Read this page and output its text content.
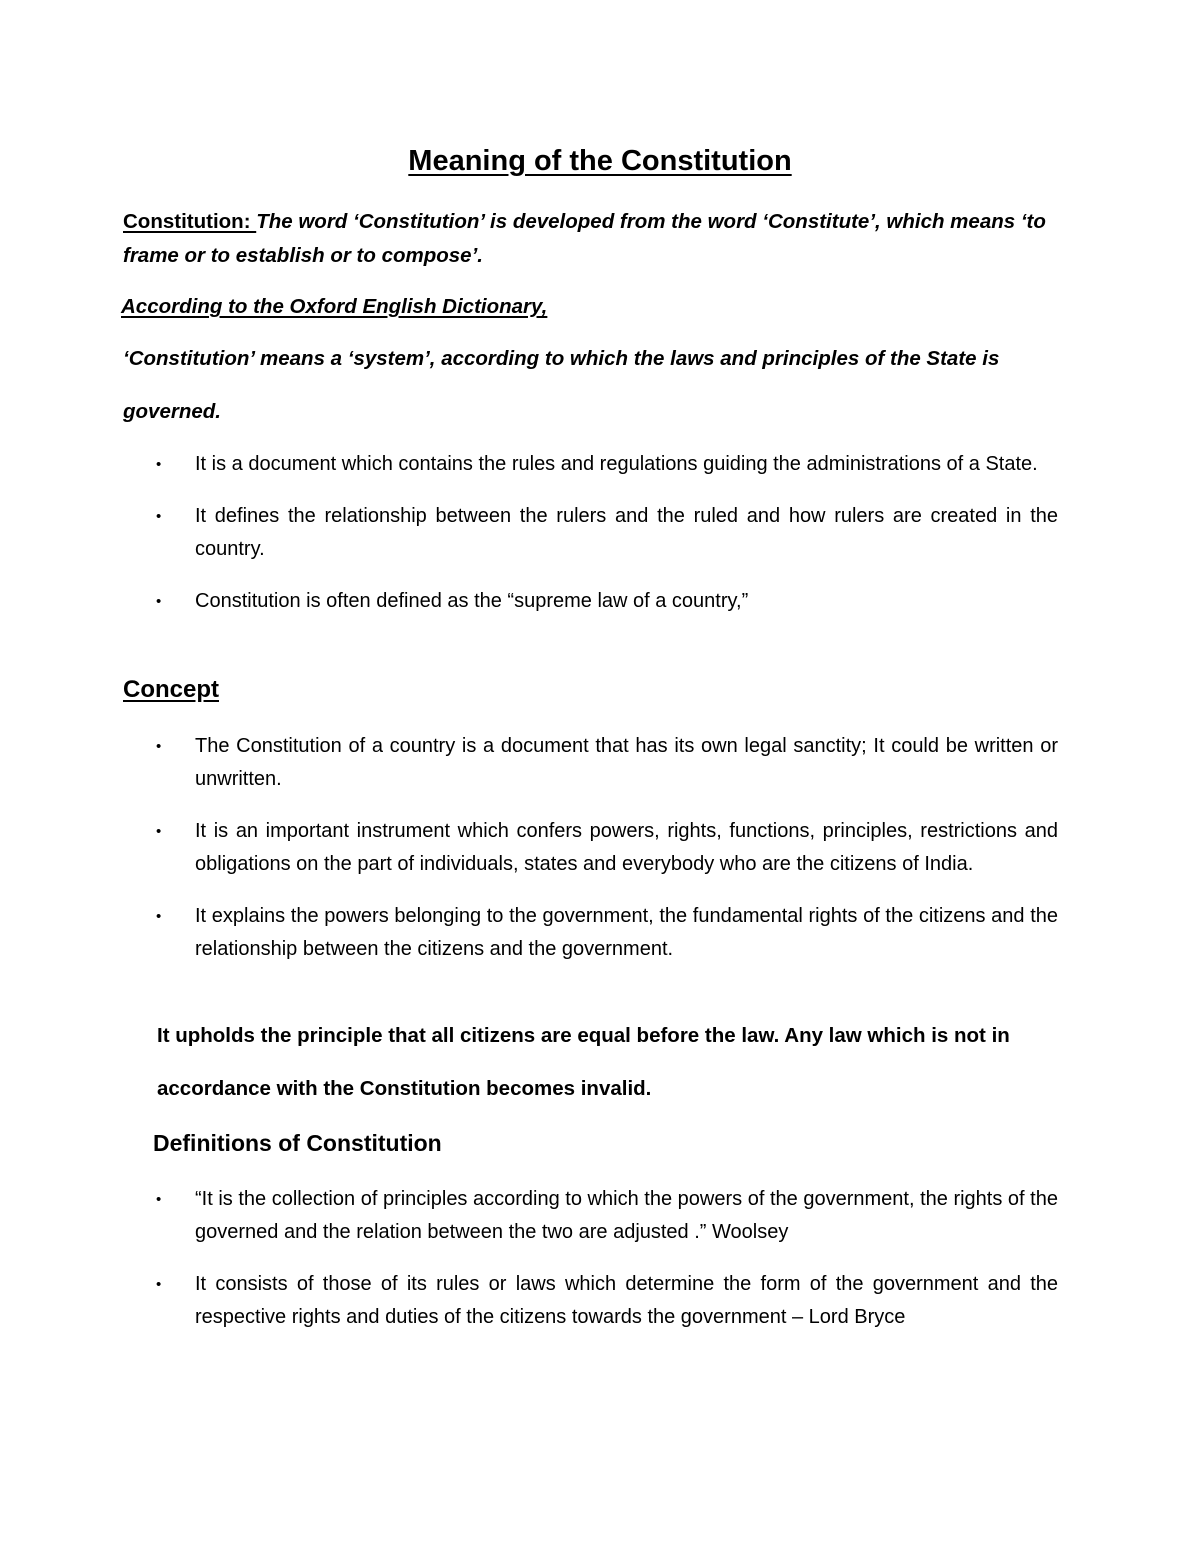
Meaning of the Constitution

Constitution: The word ‘Constitution’ is developed from the word ‘Constitute’, which means ‘to frame or to establish or to compose’.

According to the Oxford English Dictionary,

‘Constitution’ means a ‘system’, according to which the laws and principles of the State is

governed.

• It is a document which contains the rules and regulations guiding the administrations of a State.
• It defines the relationship between the rulers and the ruled and how rulers are created in the country.
• Constitution is often defined as the “supreme law of a country,”
Concept
• The Constitution of a country is a document that has its own legal sanctity; It could be written or unwritten.
• It is an important instrument which confers powers, rights, functions, principles, restrictions and obligations on the part of individuals, states and everybody who are the citizens of India.
• It explains the powers belonging to the government, the fundamental rights of the citizens and the relationship between the citizens and the government.

It upholds the principle that all citizens are equal before the law. Any law which is not in

accordance with the Constitution becomes invalid.

Definitions of Constitution
• “It is the collection of principles according to which the powers of the government, the rights of the governed and the relation between the two are adjusted .” Woolsey
• It consists of those of its rules or laws which determine the form of the government and the respective rights and duties of the citizens towards the government – Lord Bryce
